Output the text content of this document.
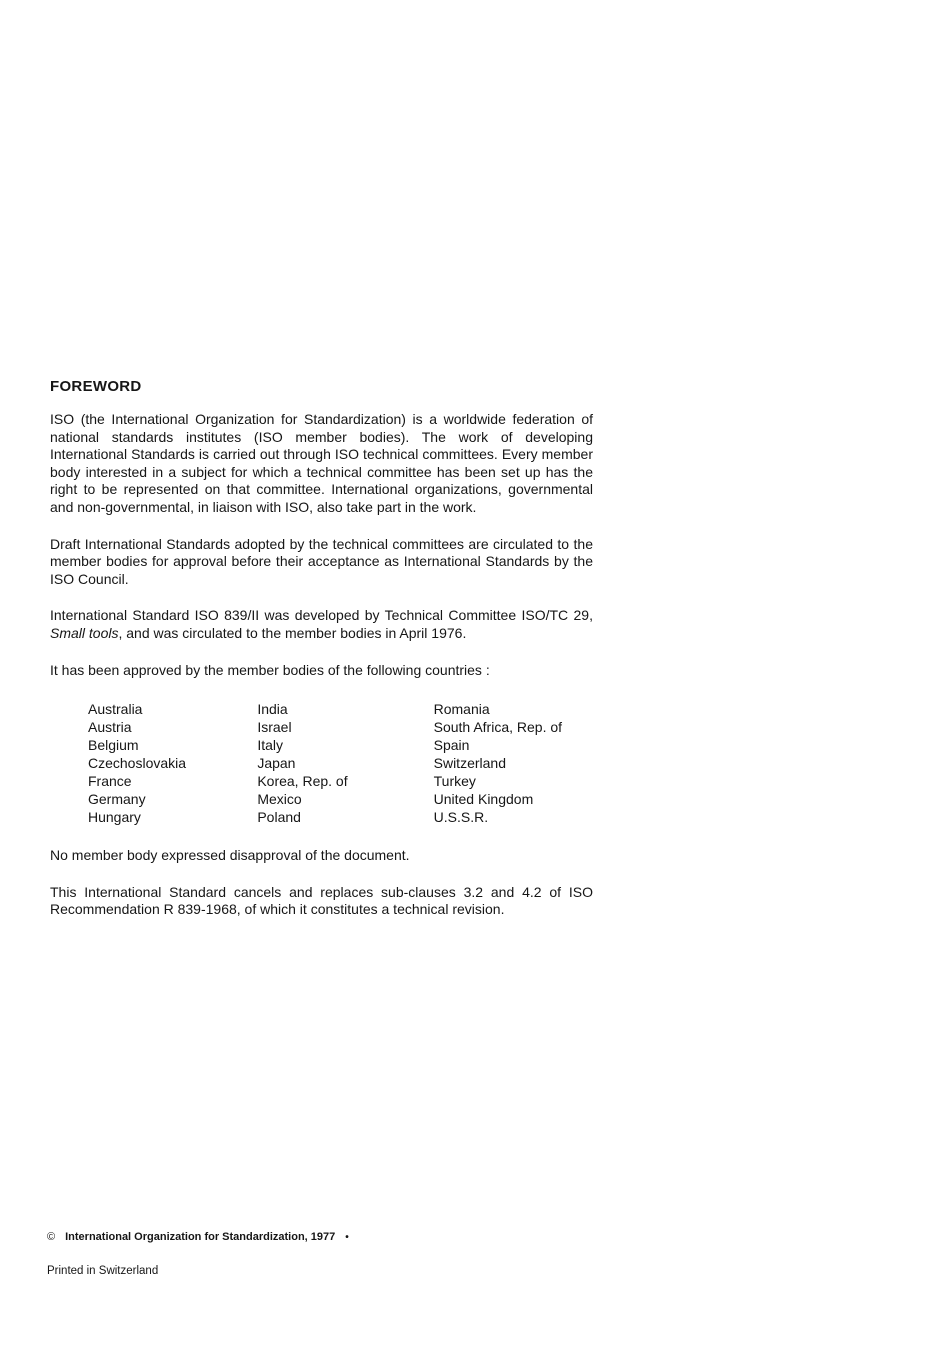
FOREWORD

ISO (the International Organization for Standardization) is a worldwide federation of national standards institutes (ISO member bodies). The work of developing International Standards is carried out through ISO technical committees. Every member body interested in a subject for which a technical committee has been set up has the right to be represented on that committee. International organizations, governmental and non-governmental, in liaison with ISO, also take part in the work.

Draft International Standards adopted by the technical committees are circulated to the member bodies for approval before their acceptance as International Standards by the ISO Council.

International Standard ISO 839/II was developed by Technical Committee ISO/TC 29, Small tools, and was circulated to the member bodies in April 1976.

It has been approved by the member bodies of the following countries :

Australia
Austria
Belgium
Czechoslovakia
France
Germany
Hungary
India
Israel
Italy
Japan
Korea, Rep. of
Mexico
Poland
Romania
South Africa, Rep. of
Spain
Switzerland
Turkey
United Kingdom
U.S.S.R.

No member body expressed disapproval of the document.

This International Standard cancels and replaces sub-clauses 3.2 and 4.2 of ISO Recommendation R 839-1968, of which it constitutes a technical revision.

© International Organization for Standardization, 1977 •

Printed in Switzerland
